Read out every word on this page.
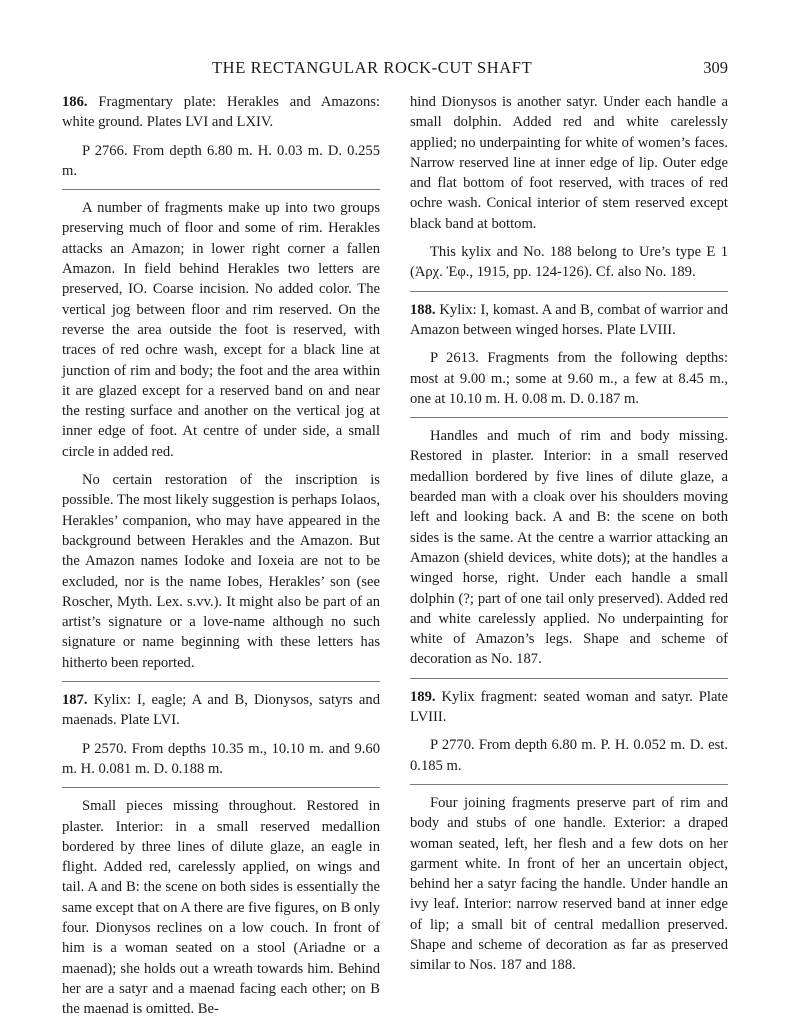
THE RECTANGULAR ROCK-CUT SHAFT	309

186. Fragmentary plate: Herakles and Amazons: white ground. Plates LVI and LXIV.

P 2766. From depth 6.80 m. H. 0.03 m. D. 0.255 m.

A number of fragments make up into two groups preserving much of floor and some of rim. Herakles attacks an Amazon; in lower right corner a fallen Amazon. In field behind Herakles two letters are preserved, IO. Coarse incision. No added color. The vertical jog between floor and rim reserved. On the reverse the area outside the foot is reserved, with traces of red ochre wash, except for a black line at junction of rim and body; the foot and the area within it are glazed except for a reserved band on and near the resting surface and another on the vertical jog at inner edge of foot. At centre of under side, a small circle in added red.

No certain restoration of the inscription is possible. The most likely suggestion is perhaps Iolaos, Herakles’ companion, who may have appeared in the background between Herakles and the Amazon. But the Amazon names Iodoke and Ioxeia are not to be excluded, nor is the name Iobes, Herakles’ son (see Roscher, Myth. Lex. s.vv.). It might also be part of an artist’s signature or a love-name although no such signature or name beginning with these letters has hitherto been reported.

187. Kylix: I, eagle; A and B, Dionysos, satyrs and maenads. Plate LVI.

P 2570. From depths 10.35 m., 10.10 m. and 9.60 m. H. 0.081 m. D. 0.188 m.

Small pieces missing throughout. Restored in plaster. Interior: in a small reserved medallion bordered by three lines of dilute glaze, an eagle in flight. Added red, carelessly applied, on wings and tail. A and B: the scene on both sides is essentially the same except that on A there are five figures, on B only four. Dionysos reclines on a low couch. In front of him is a woman seated on a stool (Ariadne or a maenad); she holds out a wreath towards him. Behind her are a satyr and a maenad facing each other; on B the maenad is omitted. Be-

hind Dionysos is another satyr. Under each handle a small dolphin. Added red and white carelessly applied; no underpainting for white of women’s faces. Narrow reserved line at inner edge of lip. Outer edge and flat bottom of foot reserved, with traces of red ochre wash. Conical interior of stem reserved except black band at bottom.

This kylix and No. 188 belong to Ure’s type E 1 (Ἀρχ. Ἐφ., 1915, pp. 124-126). Cf. also No. 189.

188. Kylix: I, komast. A and B, combat of warrior and Amazon between winged horses. Plate LVIII.

P 2613. Fragments from the following depths: most at 9.00 m.; some at 9.60 m., a few at 8.45 m., one at 10.10 m. H. 0.08 m. D. 0.187 m.

Handles and much of rim and body missing. Restored in plaster. Interior: in a small reserved medallion bordered by five lines of dilute glaze, a bearded man with a cloak over his shoulders moving left and looking back. A and B: the scene on both sides is the same. At the centre a warrior attacking an Amazon (shield devices, white dots); at the handles a winged horse, right. Under each handle a small dolphin (?; part of one tail only preserved). Added red and white carelessly applied. No underpainting for white of Amazon’s legs. Shape and scheme of decoration as No. 187.

189. Kylix fragment: seated woman and satyr. Plate LVIII.

P 2770. From depth 6.80 m. P. H. 0.052 m. D. est. 0.185 m.

Four joining fragments preserve part of rim and body and stubs of one handle. Exterior: a draped woman seated, left, her flesh and a few dots on her garment white. In front of her an uncertain object, behind her a satyr facing the handle. Under handle an ivy leaf. Interior: narrow reserved band at inner edge of lip; a small bit of central medallion preserved. Shape and scheme of decoration as far as preserved similar to Nos. 187 and 188.
